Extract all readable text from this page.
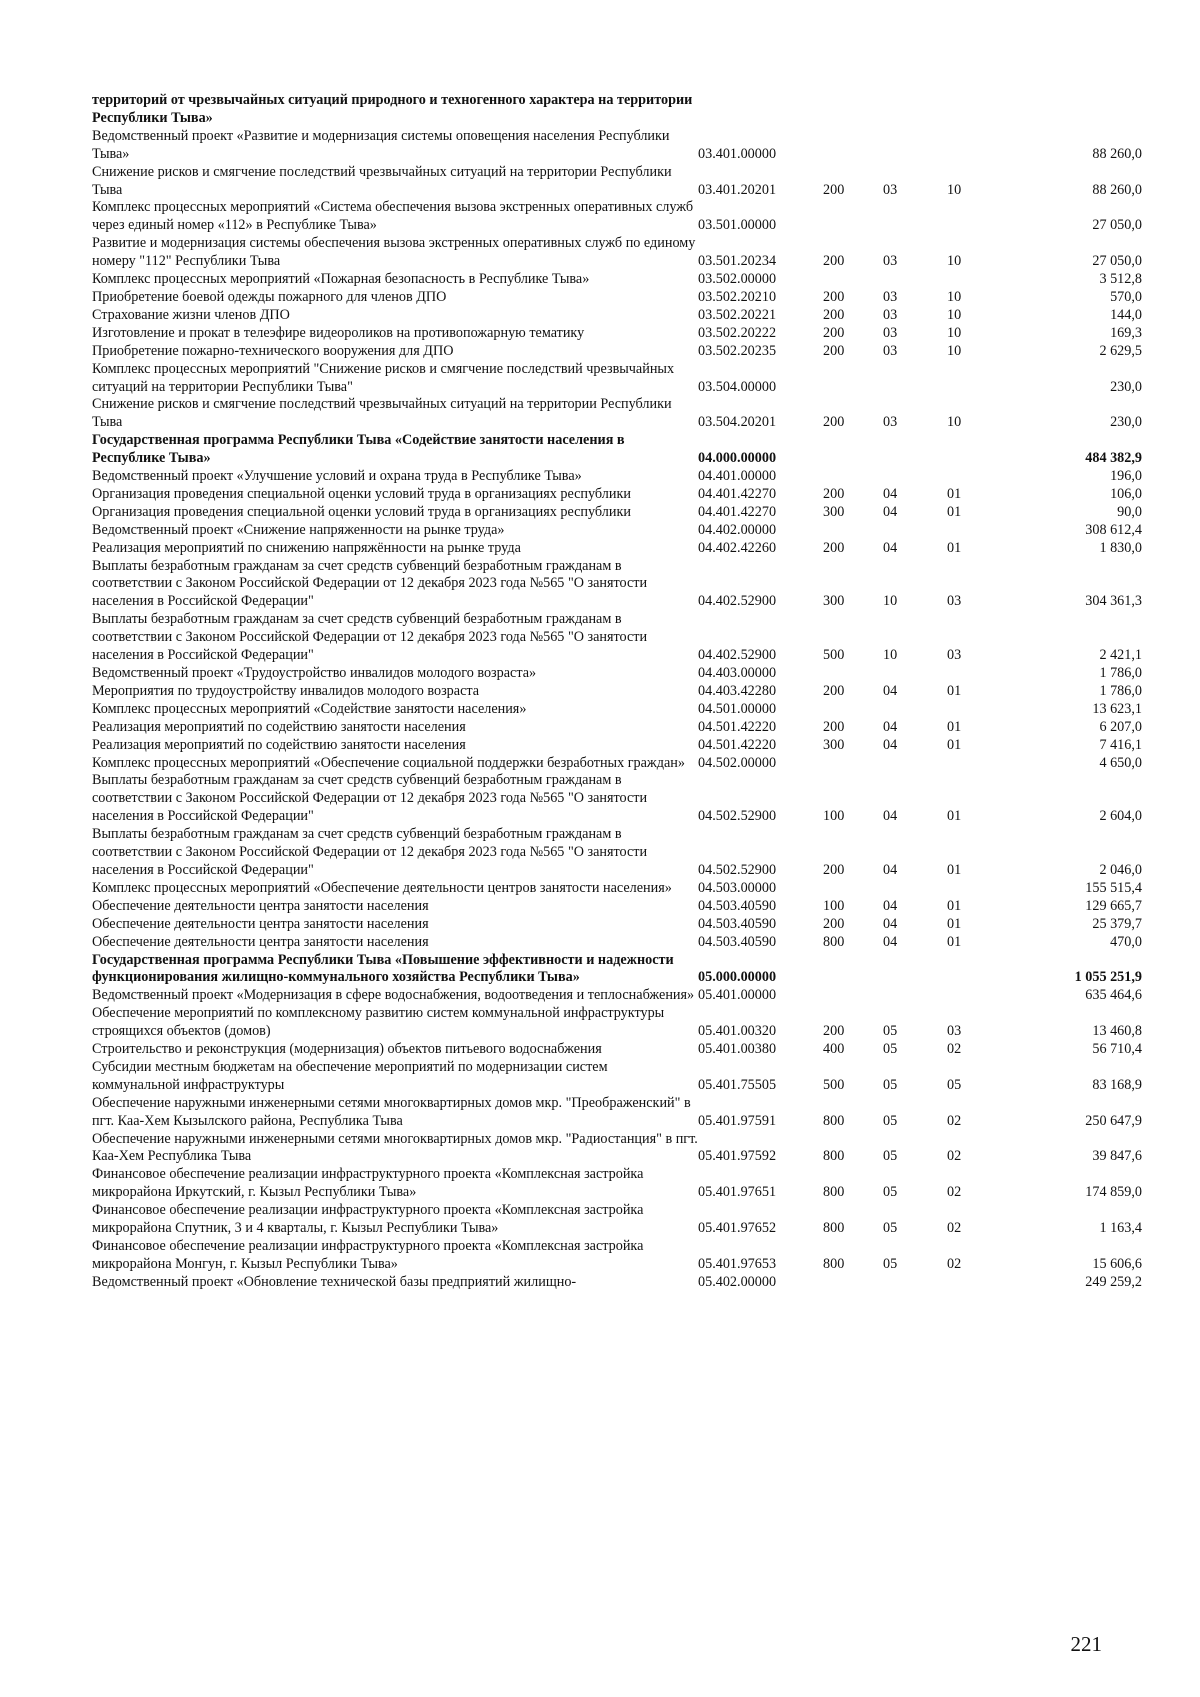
территорий от чрезвычайных ситуаций природного и техногенного характера на территории Республики Тыва»					
Ведомственный проект «Развитие и модернизация системы оповещения населения Республики Тыва»	03.401.00000				88 260,0
Снижение рисков и смягчение последствий чрезвычайных ситуаций на территории Республики Тыва	03.401.20201	200	03	10	88 260,0
Комплекс процессных мероприятий «Система обеспечения вызова экстренных оперативных служб через единый номер «112» в Республике Тыва»	03.501.00000				27 050,0
Развитие и модернизация системы обеспечения вызова экстренных оперативных служб по единому номеру "112" Республики Тыва	03.501.20234	200	03	10	27 050,0
Комплекс процессных мероприятий «Пожарная безопасность в Республике Тыва»	03.502.00000				3 512,8
Приобретение боевой одежды пожарного для членов ДПО	03.502.20210	200	03	10	570,0
Страхование жизни членов ДПО	03.502.20221	200	03	10	144,0
Изготовление и прокат в телеэфире видеороликов на противопожарную тематику	03.502.20222	200	03	10	169,3
Приобретение пожарно-технического вооружения для ДПО	03.502.20235	200	03	10	2 629,5
Комплекс процессных мероприятий "Снижение рисков и смягчение последствий чрезвычайных ситуаций на территории Республики Тыва"	03.504.00000				230,0
Снижение рисков и смягчение последствий чрезвычайных ситуаций на территории Республики Тыва	03.504.20201	200	03	10	230,0
Государственная программа Республики Тыва «Содействие занятости населения в Республике Тыва»	04.000.00000				484 382,9
Ведомственный проект «Улучшение условий и охрана труда в Республике Тыва»	04.401.00000				196,0
Организация проведения специальной оценки условий труда в организациях республики	04.401.42270	200	04	01	106,0
Организация проведения специальной оценки условий труда в организациях республики	04.401.42270	300	04	01	90,0
Ведомственный проект «Снижение напряженности на рынке труда»	04.402.00000				308 612,4
Реализация мероприятий по снижению напряжённости на рынке труда	04.402.42260	200	04	01	1 830,0
Выплаты безработным гражданам за счет средств субвенций безработным гражданам в соответствии с Законом Российской Федерации от 12 декабря 2023 года №565 "О занятости населения в Российской Федерации"	04.402.52900	300	10	03	304 361,3
Выплаты безработным гражданам за счет средств субвенций безработным гражданам в соответствии с Законом Российской Федерации от 12 декабря 2023 года №565 "О занятости населения в Российской Федерации"	04.402.52900	500	10	03	2 421,1
Ведомственный проект «Трудоустройство инвалидов молодого возраста»	04.403.00000				1 786,0
Мероприятия по трудоустройству инвалидов молодого возраста	04.403.42280	200	04	01	1 786,0
Комплекс процессных мероприятий «Содействие занятости населения»	04.501.00000				13 623,1
Реализация мероприятий по содействию занятости населения	04.501.42220	200	04	01	6 207,0
Реализация мероприятий по содействию занятости населения	04.501.42220	300	04	01	7 416,1
Комплекс процессных мероприятий «Обеспечение социальной поддержки безработных граждан»	04.502.00000				4 650,0
Выплаты безработным гражданам за счет средств субвенций безработным гражданам в соответствии с Законом Российской Федерации от 12 декабря 2023 года №565 "О занятости населения в Российской Федерации"	04.502.52900	100	04	01	2 604,0
Выплаты безработным гражданам за счет средств субвенций безработным гражданам в соответствии с Законом Российской Федерации от 12 декабря 2023 года №565 "О занятости населения в Российской Федерации"	04.502.52900	200	04	01	2 046,0
Комплекс процессных мероприятий «Обеспечение деятельности центров занятости населения»	04.503.00000				155 515,4
Обеспечение деятельности центра занятости населения	04.503.40590	100	04	01	129 665,7
Обеспечение деятельности центра занятости населения	04.503.40590	200	04	01	25 379,7
Обеспечение деятельности центра занятости населения	04.503.40590	800	04	01	470,0
Государственная программа Республики Тыва «Повышение эффективности и надежности функционирования жилищно-коммунального хозяйства Республики Тыва»	05.000.00000				1 055 251,9
Ведомственный проект «Модернизация в сфере водоснабжения, водоотведения и теплоснабжения»	05.401.00000				635 464,6
Обеспечение мероприятий по комплексному развитию систем коммунальной инфраструктуры строящихся объектов (домов)	05.401.00320	200	05	03	13 460,8
Строительство и реконструкция (модернизация) объектов питьевого водоснабжения	05.401.00380	400	05	02	56 710,4
Субсидии местным бюджетам на обеспечение мероприятий по модернизации систем коммунальной инфраструктуры	05.401.75505	500	05	05	83 168,9
Обеспечение наружными инженерными сетями многоквартирных домов мкр. "Преображенский" в пгт. Каа-Хем Кызылского района, Республика Тыва	05.401.97591	800	05	02	250 647,9
Обеспечение наружными инженерными сетями многоквартирных домов мкр. "Радиостанция" в пгт. Каа-Хем Республика Тыва	05.401.97592	800	05	02	39 847,6
Финансовое обеспечение реализации инфраструктурного проекта «Комплексная застройка микрорайона Иркутский, г. Кызыл Республики Тыва»	05.401.97651	800	05	02	174 859,0
Финансовое обеспечение реализации инфраструктурного проекта «Комплексная застройка микрорайона Спутник, 3 и 4 кварталы, г. Кызыл Республики Тыва»	05.401.97652	800	05	02	1 163,4
Финансовое обеспечение реализации инфраструктурного проекта «Комплексная застройка микрорайона Монгун, г. Кызыл Республики Тыва»	05.401.97653	800	05	02	15 606,6
Ведомственный проект «Обновление технической базы предприятий жилищно-	05.402.00000				249 259,2
221
